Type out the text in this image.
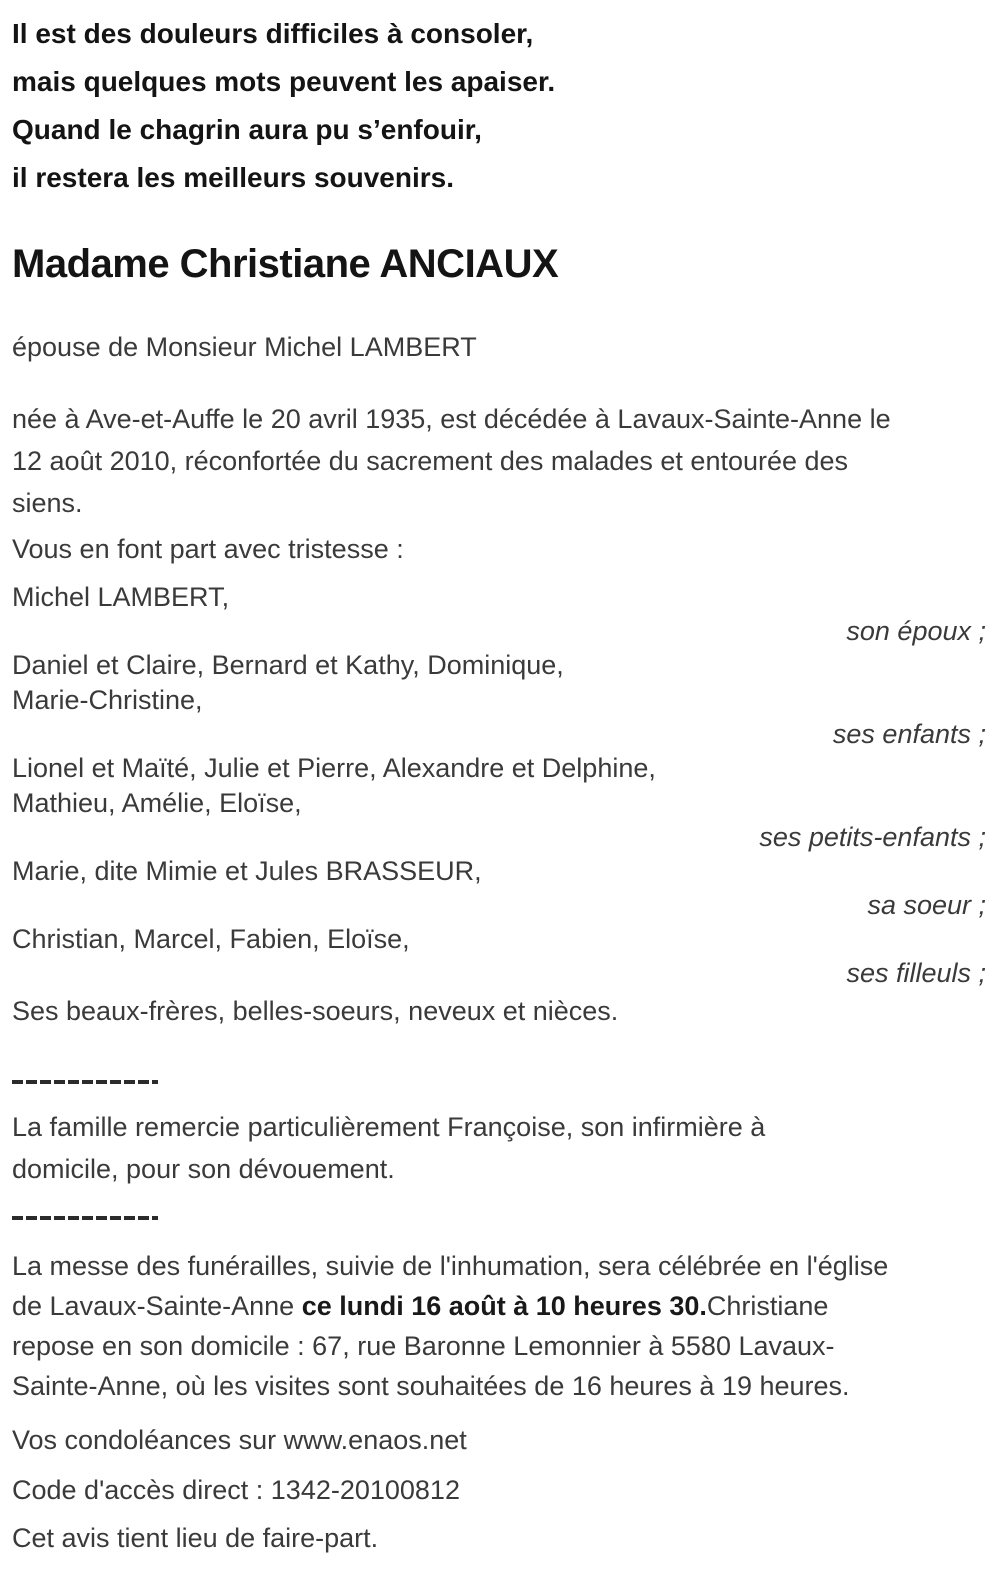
Il est des douleurs difficiles à consoler,
mais quelques mots peuvent les apaiser.
Quand le chagrin aura pu s’enfouir,
il restera les meilleurs souvenirs.
Madame Christiane ANCIAUX
épouse de Monsieur Michel LAMBERT
née à Ave-et-Auffe le 20 avril 1935, est décédée à Lavaux-Sainte-Anne le
12 août 2010, réconfortée du sacrement des malades et entourée des
siens.
Vous en font part avec tristesse :
Michel LAMBERT,
son époux ;
Daniel et Claire, Bernard et Kathy, Dominique,
Marie-Christine,
ses enfants ;
Lionel et Maïté, Julie et Pierre, Alexandre et Delphine,
Mathieu, Amélie, Eloïse,
ses petits-enfants ;
Marie, dite Mimie et Jules BRASSEUR,
sa soeur ;
Christian, Marcel, Fabien, Eloïse,
ses filleuls ;
Ses beaux-frères, belles-soeurs, neveux et nièces.
La famille remercie particulièrement Françoise, son infirmière à
domicile, pour son dévouement.
La messe des funérailles, suivie de l'inhumation, sera célébrée en l'église
de Lavaux-Sainte-Anne ce lundi 16 août à 10 heures 30.Christiane
repose en son domicile : 67, rue Baronne Lemonnier à 5580 Lavaux-
Sainte-Anne, où les visites sont souhaitées de 16 heures à 19 heures.
Vos condoléances sur www.enaos.net
Code d'accès direct : 1342-20100812
Cet avis tient lieu de faire-part.
